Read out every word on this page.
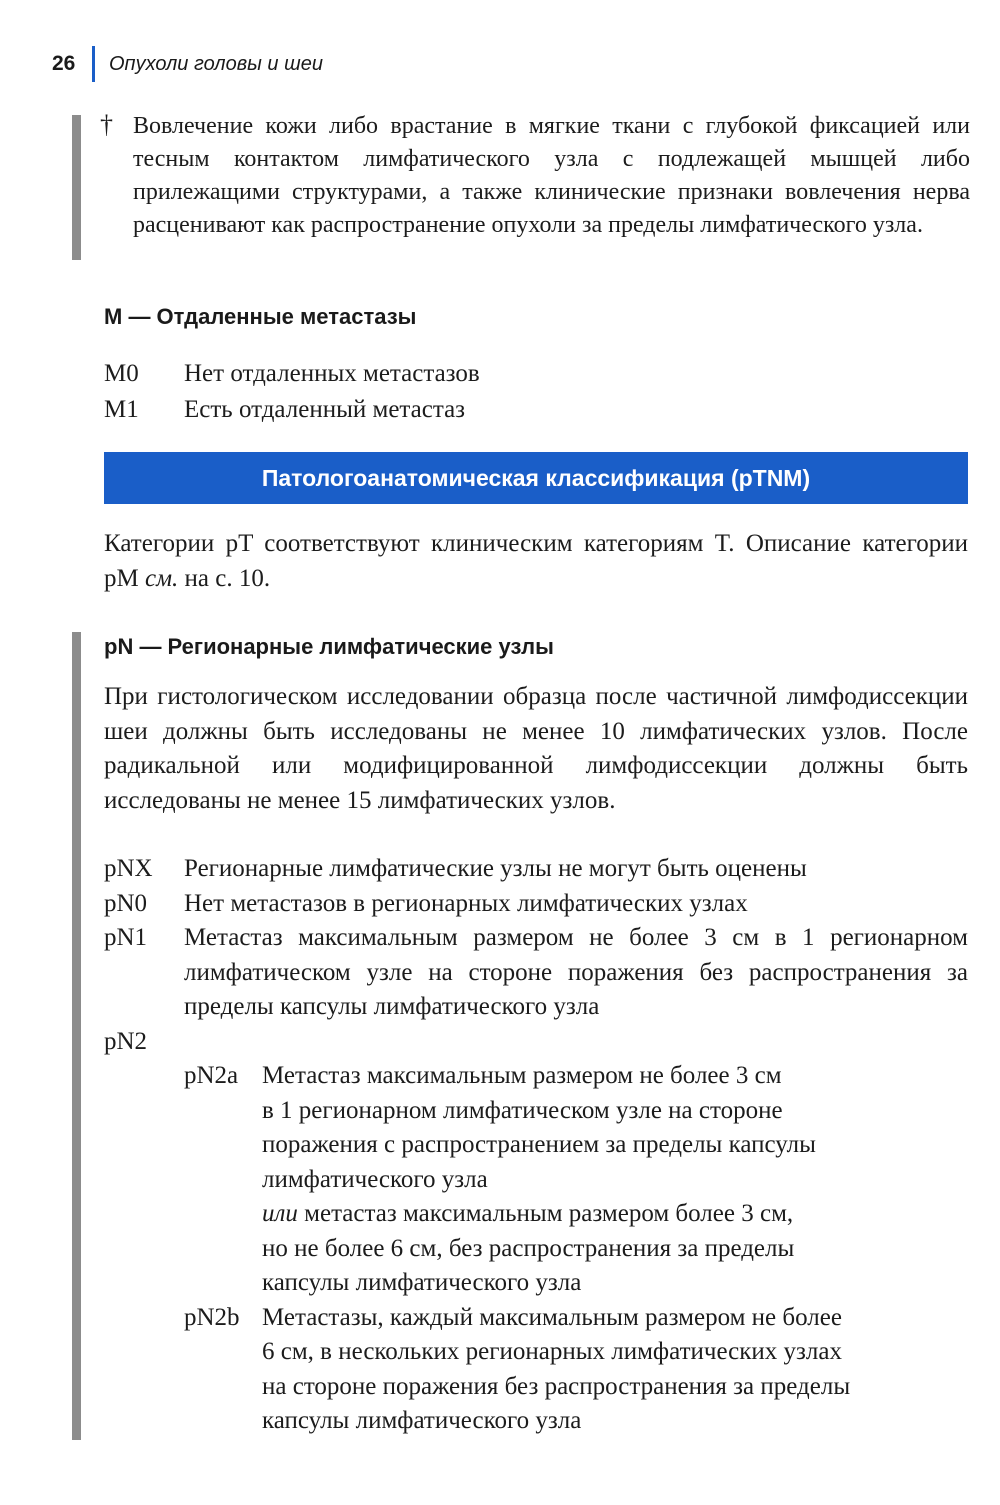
26	Опухоли головы и шеи
† Вовлечение кожи либо врастание в мягкие ткани с глубокой фиксацией или тесным контактом лимфатического узла с подлежащей мышцей либо прилежащими структурами, а также клинические признаки вовлечения нерва расценивают как распространение опухоли за пределы лимфатического узла.
M — Отдаленные метастазы
M0	Нет отдаленных метастазов
M1	Есть отдаленный метастаз
Патологоанатомическая классификация (pTNM)
Категории pT соответствуют клиническим категориям T. Описание категории pM см. на с. 10.
pN — Регионарные лимфатические узлы
При гистологическом исследовании образца после частичной лимфодиссекции шеи должны быть исследованы не менее 10 лимфатических узлов. После радикальной или модифицированной лимфодиссекции должны быть исследованы не менее 15 лимфатических узлов.
pNX	Регионарные лимфатические узлы не могут быть оценены
pN0	Нет метастазов в регионарных лимфатических узлах
pN1	Метастаз максимальным размером не более 3 см в 1 регионарном лимфатическом узле на стороне поражения без распространения за пределы капсулы лимфатического узла
pN2
pN2a Метастаз максимальным размером не более 3 см
в 1 регионарном лимфатическом узле на стороне
поражения с распространением за пределы капсулы
лимфатического узла
или метастаз максимальным размером более 3 см,
но не более 6 см, без распространения за пределы
капсулы лимфатического узла
pN2b Метастазы, каждый максимальным размером не более
6 см, в нескольких регионарных лимфатических узлах
на стороне поражения без распространения за пределы
капсулы лимфатического узла
